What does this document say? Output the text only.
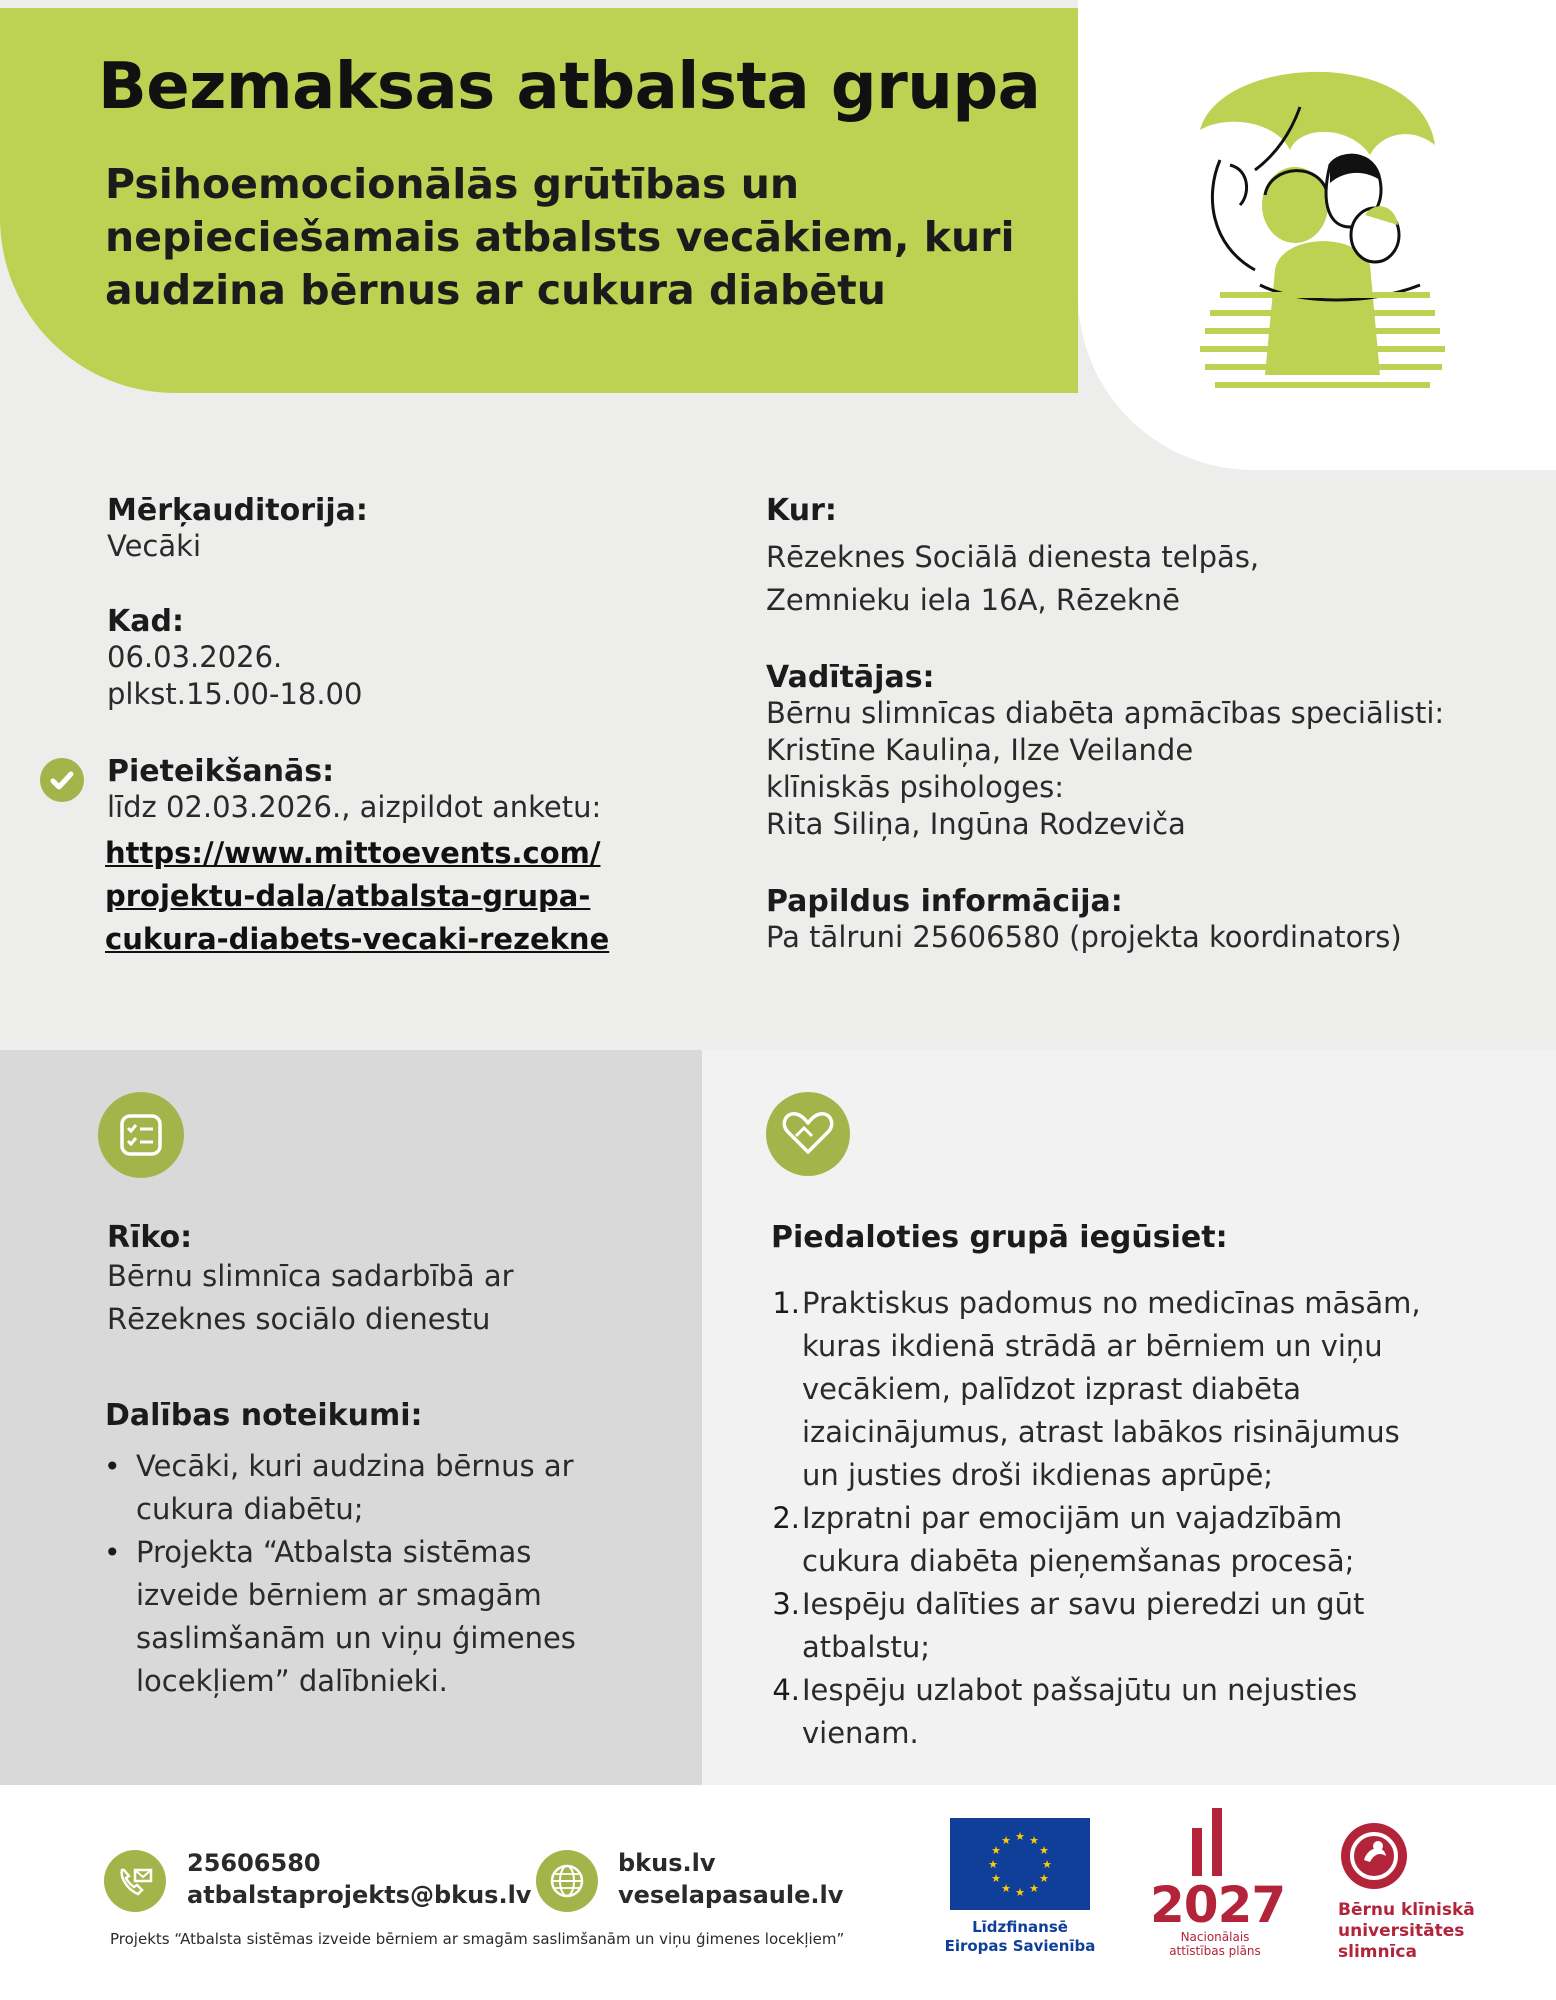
Bezmaksas atbalsta grupa
Psihoemocionālās grūtības un nepieciešamais atbalsts vecākiem, kuri audzina bērnus ar cukura diabētu
Mērķauditorija:
Vecāki
Kad:
06.03.2026.
plkst.15.00-18.00
Pieteikšanās:
līdz 02.03.2026., aizpildot anketu:
https://www.mittoevents.com/
projektu-dala/atbalsta-grupa-
cukura-diabets-vecaki-rezekne
Kur:
Rēzeknes Sociālā dienesta telpās,
Zemnieku iela 16A, Rēzeknē
Vadītājas:
Bērnu slimnīcas diabēta apmācības speciālisti:
Kristīne Kauliņa, Ilze Veilande
klīniskās psihologes:
Rita Siliņa, Ingūna Rodzeviča
Papildus informācija:
Pa tālruni 25606580 (projekta koordinators)
Rīko:
Bērnu slimnīca sadarbībā ar
Rēzeknes sociālo dienestu
Dalības noteikumi:
• Vecāki, kuri audzina bērnus ar
cukura diabētu;
• Projekta “Atbalsta sistēmas
izveide bērniem ar smagām
saslimšanām un viņu ģimenes
locekļiem” dalībnieki.
Piedaloties grupā iegūsiet:
1. Praktiskus padomus no medicīnas māsām,
kuras ikdienā strādā ar bērniem un viņu
vecākiem, palīdzot izprast diabēta
izaicinājumus, atrast labākos risinājumus
un justies droši ikdienas aprūpē;
2. Izpratni par emocijām un vajadzībām
cukura diabēta pieņemšanas procesā;
3. Iespēju dalīties ar savu pieredzi un gūt
atbalstu;
4. Iespēju uzlabot pašsajūtu un nejusties
vienam.
25606580
atbalstaprojekts@bkus.lv
bkus.lv
veselapasaule.lv
Projekts “Atbalsta sistēmas izveide bērniem ar smagām saslimšanām un viņu ģimenes locekļiem”
★ ★
★
★
★
★
★
★
★
★
★
★
Līdzfinansē
Eiropas Savienība
2027
Nacionālais
attīstības plāns
Bērnu klīniskā
universitātes
slimnīca
